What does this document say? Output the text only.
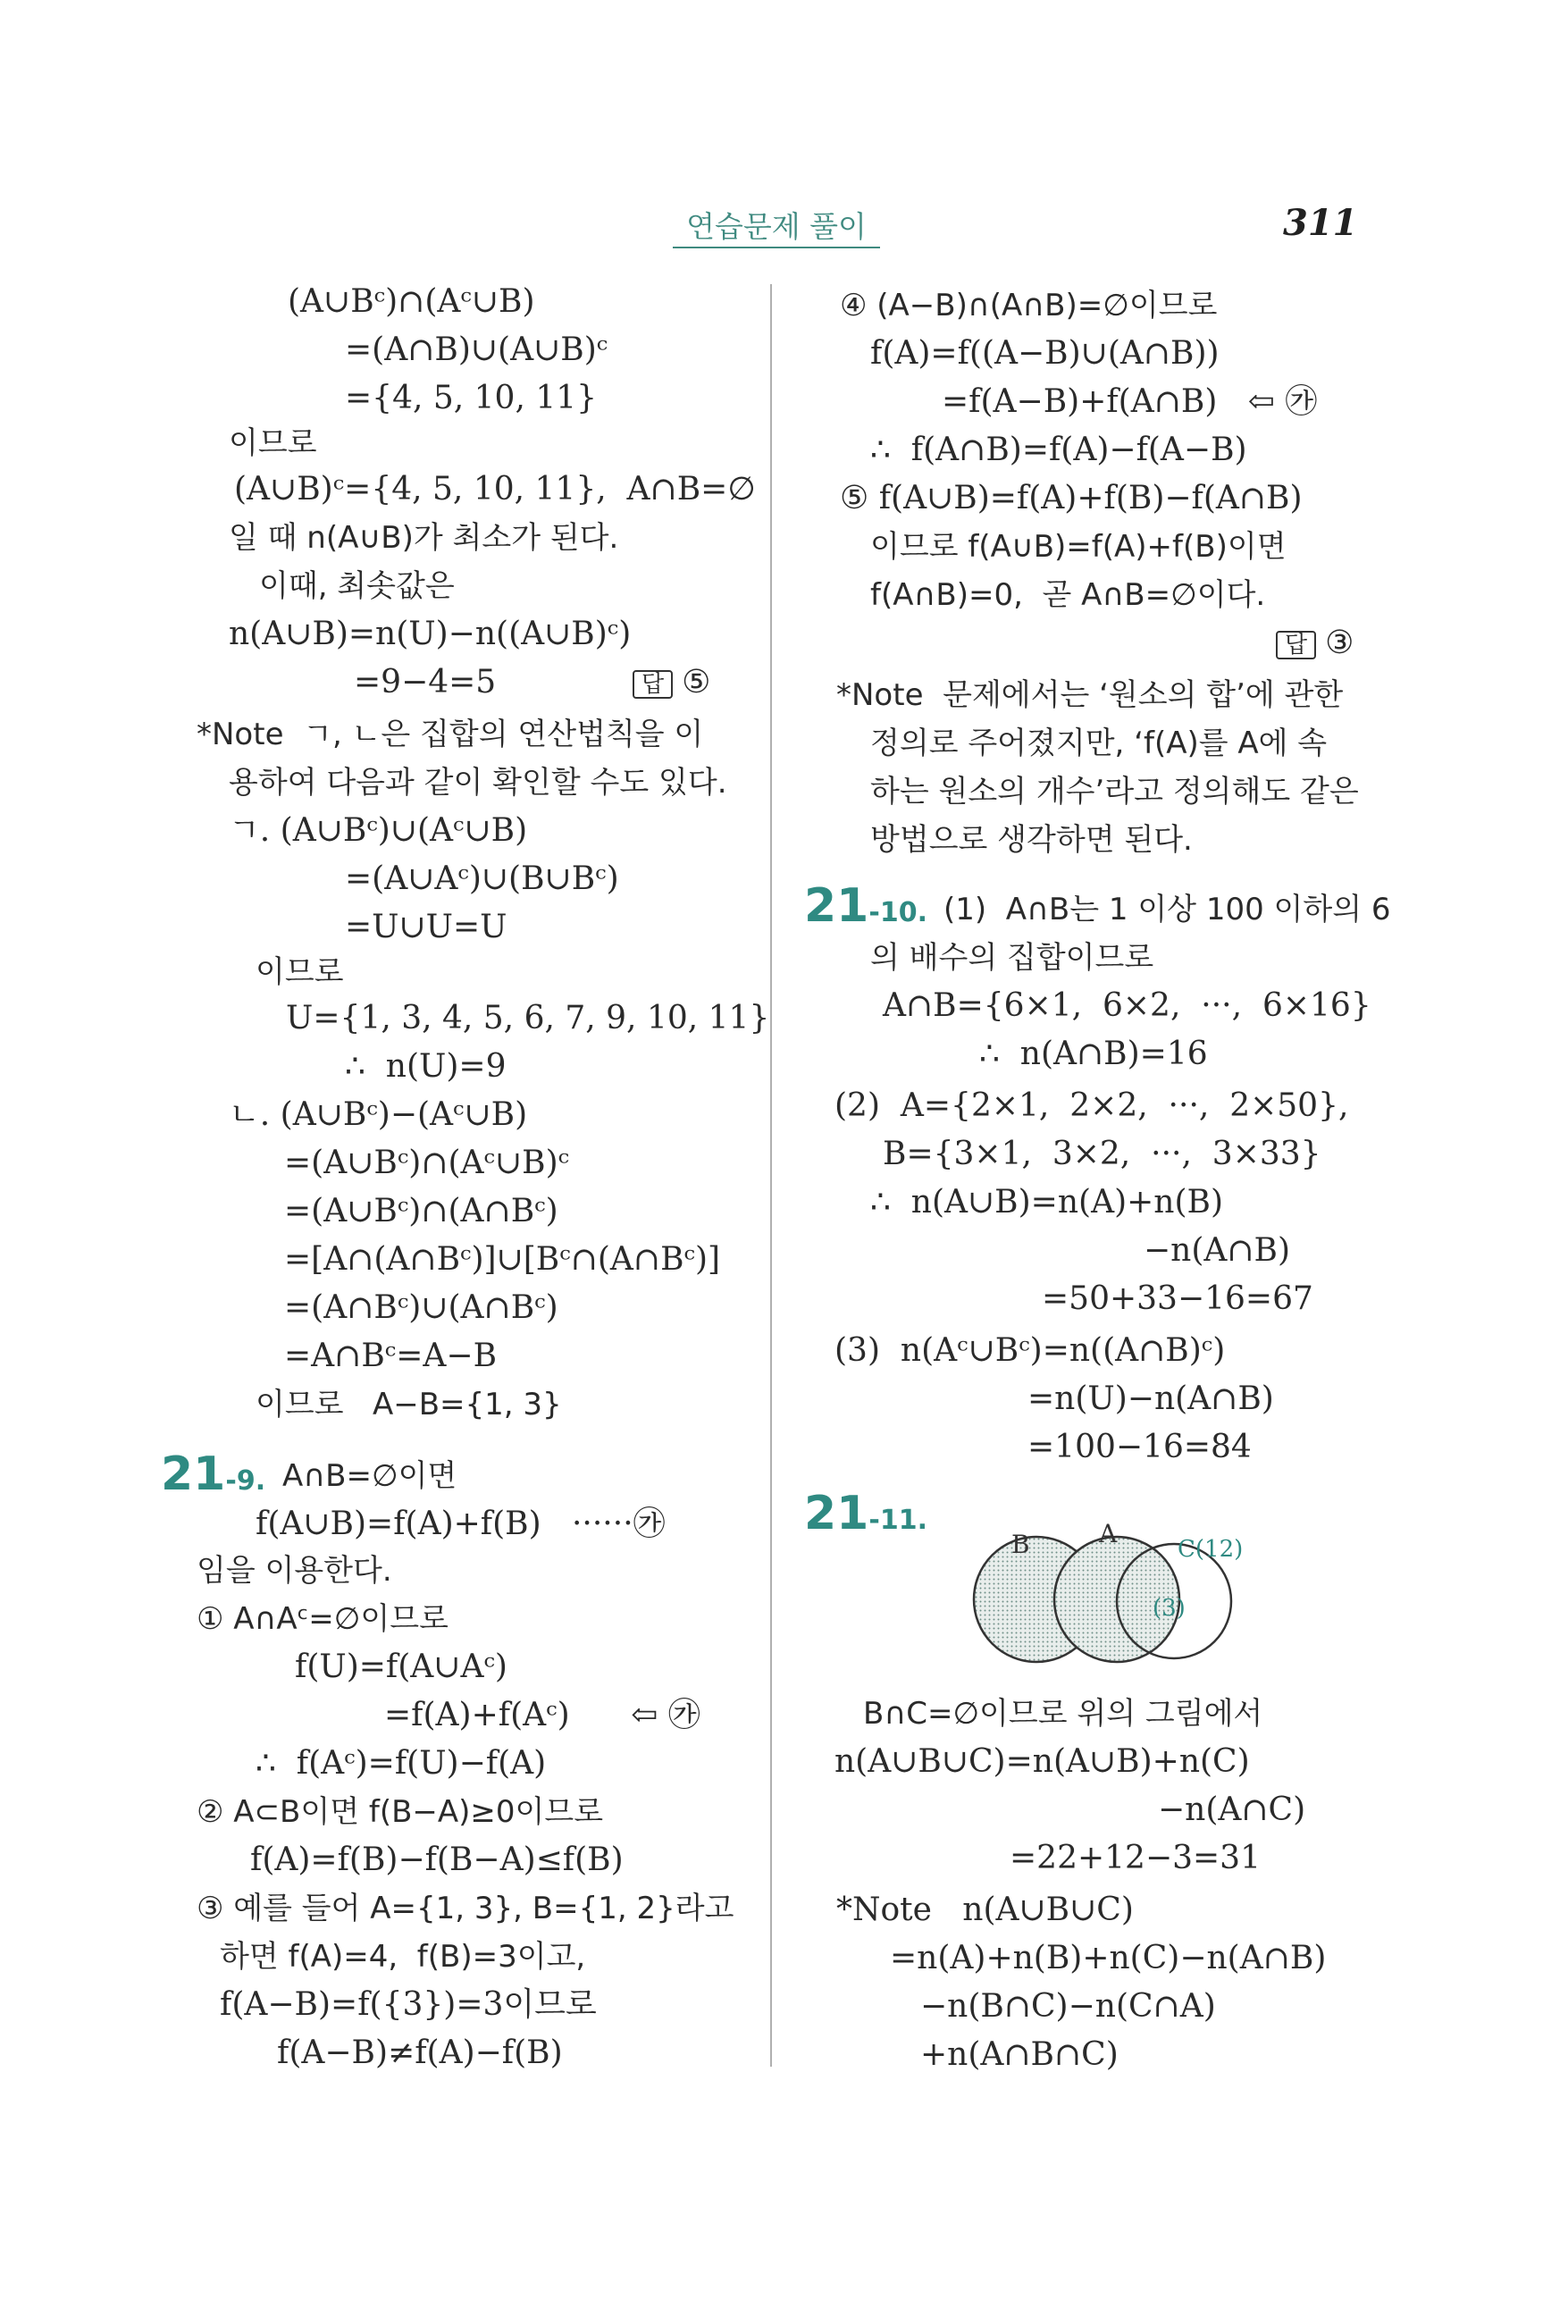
연습문제 풀이	311
(A∪Bᶜ)∩(Aᶜ∪B)
=(A∩B)∪(A∪B)ᶜ
={4, 5, 10, 11}
이므로
(A∪B)ᶜ={4, 5, 10, 11},  A∩B=∅
일 때 n(A∪B)가 최소가 된다.
이때, 최솟값은
n(A∪B)=n(U)−n((A∪B)ᶜ)
=9−4=5	답 ⑤
*Note  ㄱ, ㄴ은 집합의 연산법칙을 이
용하여 다음과 같이 확인할 수도 있다.
ㄱ. (A∪Bᶜ)∪(Aᶜ∪B)
=(A∪Aᶜ)∪(B∪Bᶜ)
=U∪U=U
이므로
U={1, 3, 4, 5, 6, 7, 9, 10, 11}
∴  n(U)=9
ㄴ. (A∪Bᶜ)−(Aᶜ∪B)
=(A∪Bᶜ)∩(Aᶜ∪B)ᶜ
=(A∪Bᶜ)∩(A∩Bᶜ)
=[A∩(A∩Bᶜ)]∪[Bᶜ∩(A∩Bᶜ)]
=(A∩Bᶜ)∪(A∩Bᶜ)
=A∩Bᶜ=A−B
이므로   A−B={1, 3}
21-9. A∩B=∅이면
f(A∪B)=f(A)+f(B)   ······㉮
임을 이용한다.
① A∩Aᶜ=∅이므로
f(U)=f(A∪Aᶜ)
=f(A)+f(Aᶜ)      ⇦ ㉮
∴  f(Aᶜ)=f(U)−f(A)
② A⊂B이면 f(B−A)≥0이므로
f(A)=f(B)−f(B−A)≤f(B)
③ 예를 들어 A={1, 3}, B={1, 2}라고
하면 f(A)=4,  f(B)=3이고,
f(A−B)=f({3})=3이므로
f(A−B)≠f(A)−f(B)
④ (A−B)∩(A∩B)=∅이므로
f(A)=f((A−B)∪(A∩B))
=f(A−B)+f(A∩B)   ⇦ ㉮
∴  f(A∩B)=f(A)−f(A−B)
⑤ f(A∪B)=f(A)+f(B)−f(A∩B)
이므로 f(A∪B)=f(A)+f(B)이면
f(A∩B)=0,  곧 A∩B=∅이다.
답 ③
*Note  문제에서는 ‘원소의 합’에 관한
정의로 주어졌지만, ‘f(A)를 A에 속
하는 원소의 개수’라고 정의해도 같은
방법으로 생각하면 된다.
21-10. (1)  A∩B는 1 이상 100 이하의 6
의 배수의 집합이므로
A∩B={6×1,  6×2,  ···,  6×16}
∴  n(A∩B)=16
(2)  A={2×1,  2×2,  ···,  2×50},
B={3×1,  3×2,  ···,  3×33}
∴  n(A∪B)=n(A)+n(B)
−n(A∩B)
=50+33−16=67
(3)  n(Aᶜ∪Bᶜ)=n((A∩B)ᶜ)
=n(U)−n(A∩B)
=100−16=84
21-11.
B	A
C(12)
(3)
B∩C=∅이므로 위의 그림에서
n(A∪B∪C)=n(A∪B)+n(C)
−n(A∩C)
=22+12−3=31
*Note   n(A∪B∪C)
=n(A)+n(B)+n(C)−n(A∩B)
−n(B∩C)−n(C∩A)
+n(A∩B∩C)
